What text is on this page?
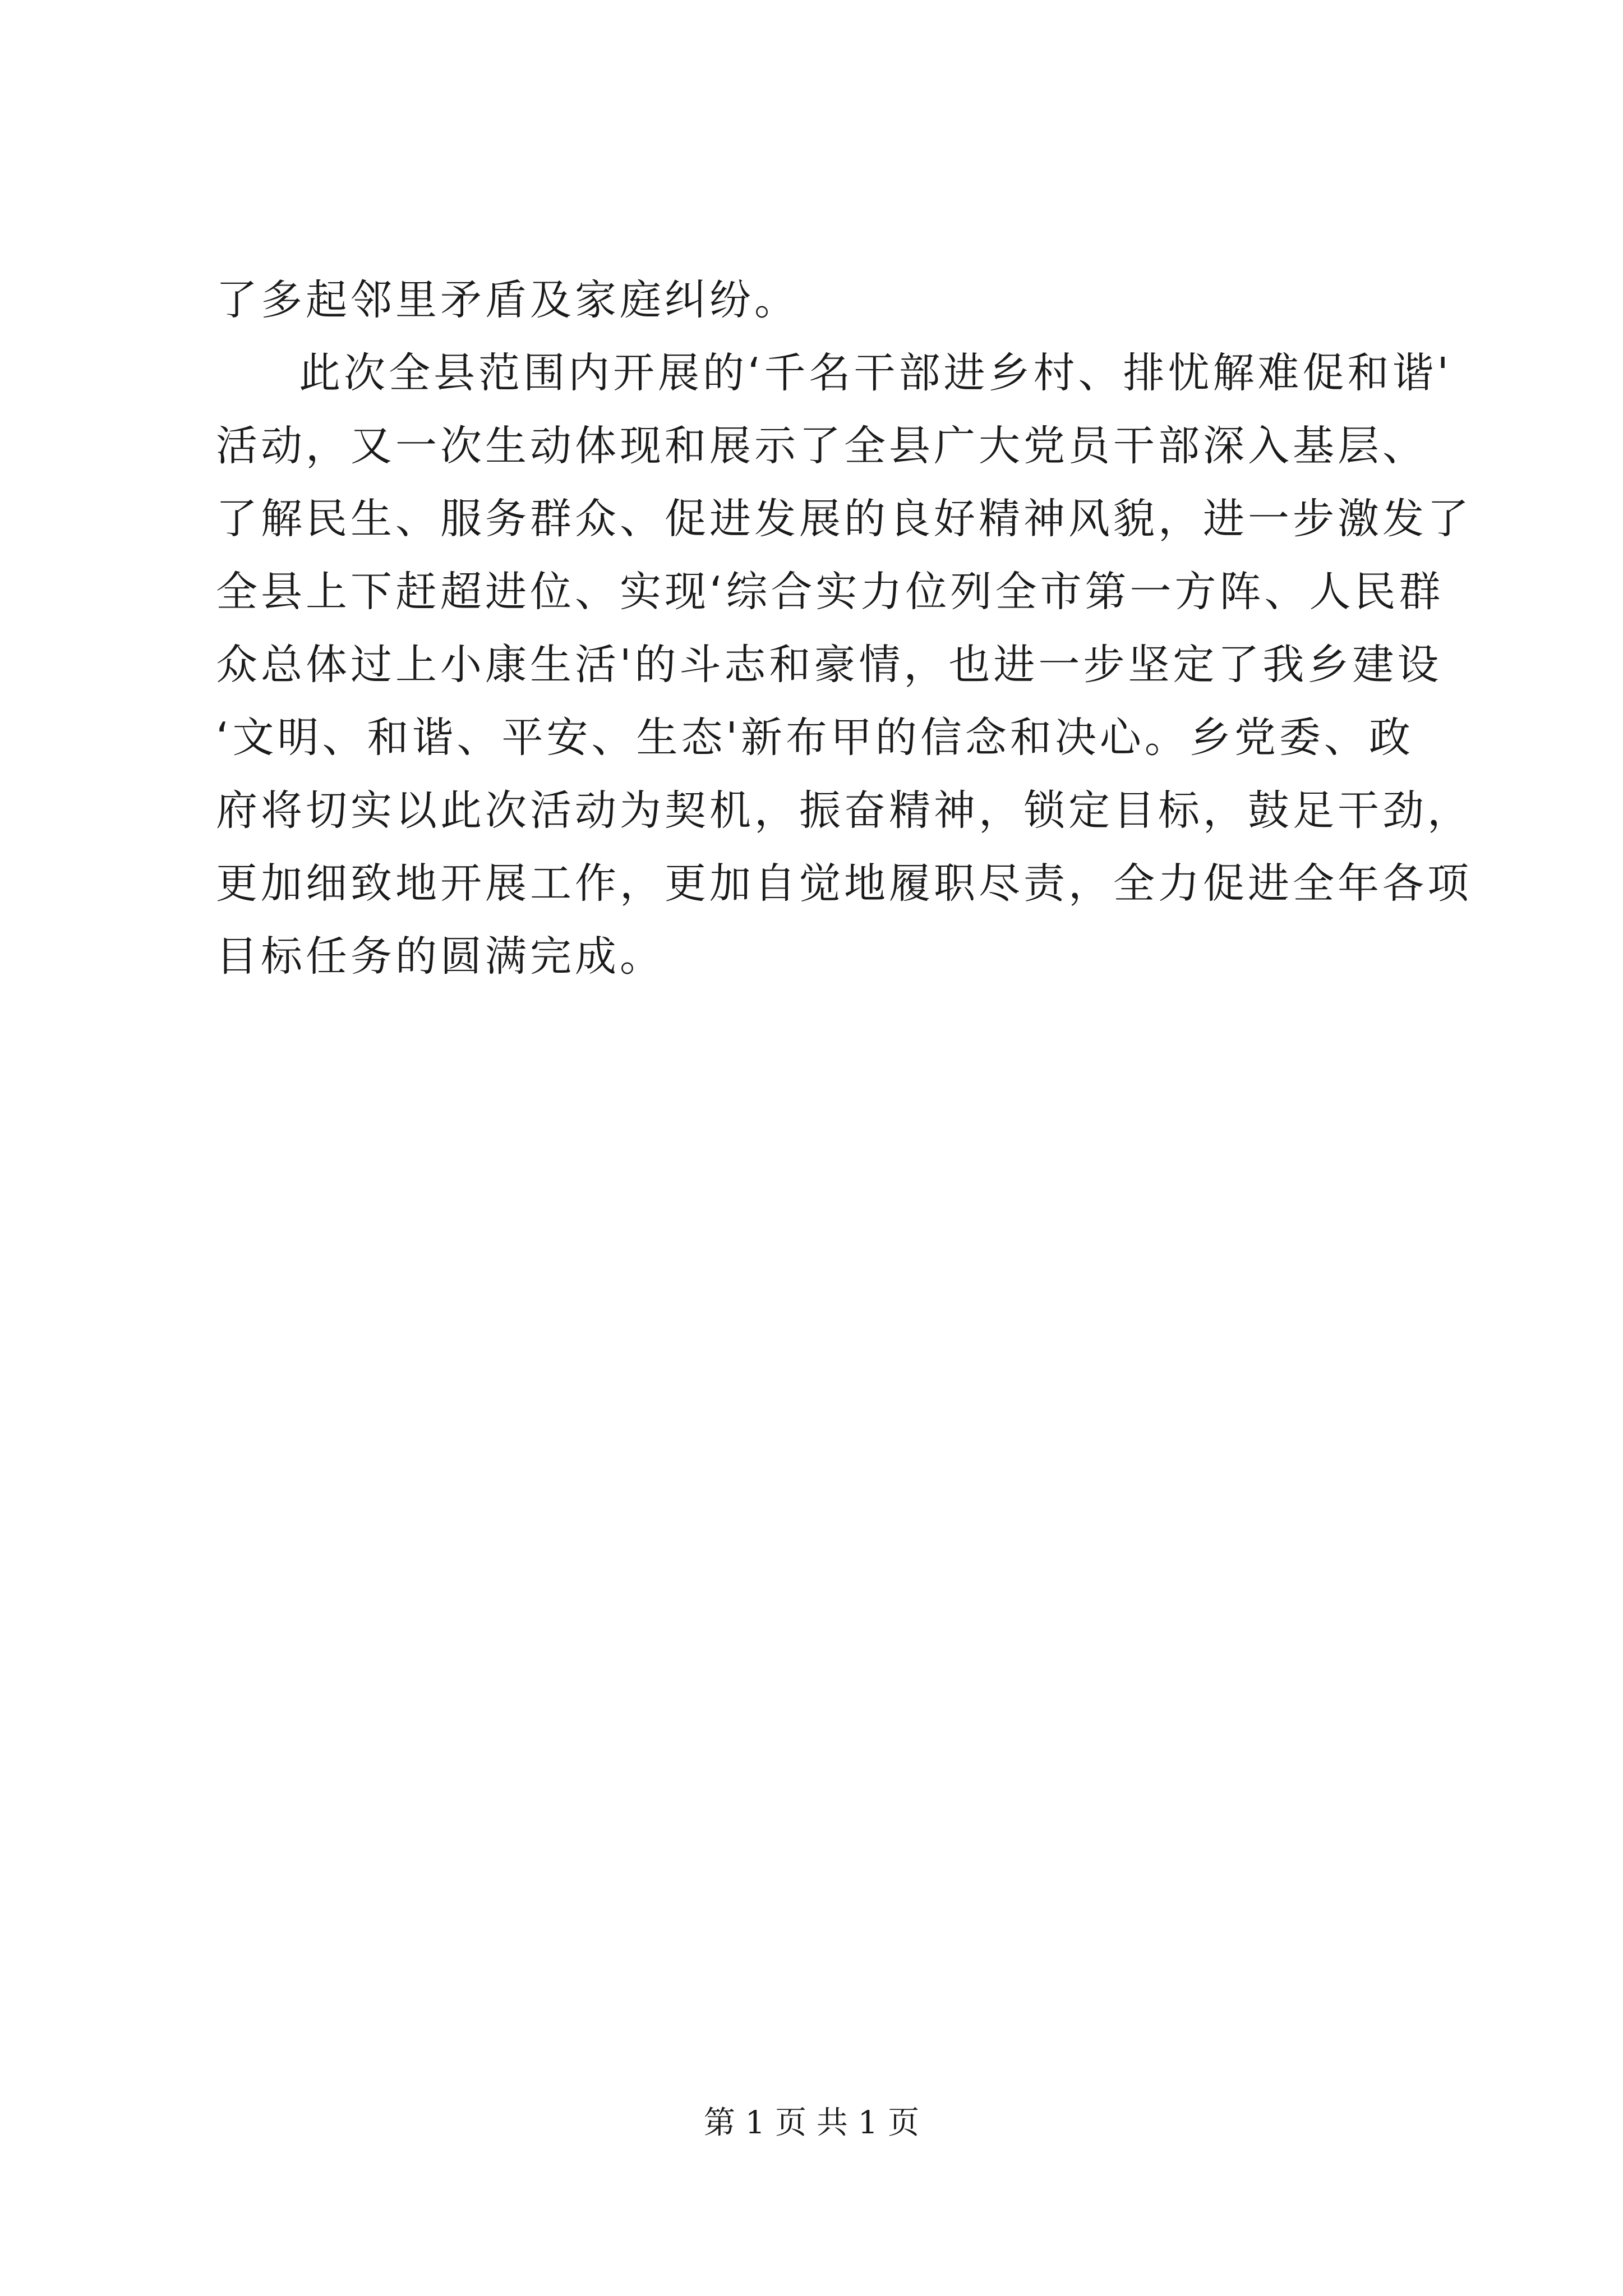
了多起邻里矛盾及家庭纠纷。
此次全县范围内开展的‘千名干部进乡村、排忧解难促和谐'
活动，又一次生动体现和展示了全县广大党员干部深入基层、
了解民生、服务群众、促进发展的良好精神风貌，进一步激发了
全县上下赶超进位、实现‘综合实力位列全市第一方阵、人民群
众总体过上小康生活'的斗志和豪情，也进一步坚定了我乡建设
‘文明、和谐、平安、生态'新布甲的信念和决心。乡党委、政
府将切实以此次活动为契机，振奋精神，锁定目标，鼓足干劲，
更加细致地开展工作，更加自觉地履职尽责，全力促进全年各项
目标任务的圆满完成。
第 1 页 共 1 页
